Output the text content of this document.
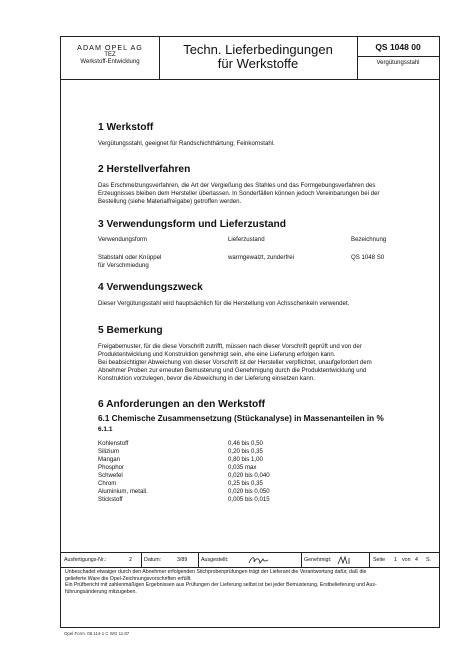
ADAM OPEL AG
TEZ
Werkstoff-Entwicklung
Techn. Lieferbedingungen
für Werkstoffe
QS 1048 00
Vergütungsstahl
1 Werkstoff

Vergütungsstahl, geeignet für Randschichthärtung; Feinkornstahl.

2 Herstellverfahren

Das Erschmelzungsverfahren, die Art der Vergießung des Stahles und das Formgebungsverfahren des

Erzeugnisses bleiben dem Hersteller überlassen. In Sonderfällen können jedoch Vereinbarungen bei der

Bestellung (siehe Materialfreigabe) getroffen werden.

3 Verwendungsform und Lieferzustand
Verwendungsform	Lieferzustand	Bezeichnung
Stabstahl oder Knüppel	warmgewalzt, zunderfrei	QS 1048 S0
für Verschmiedung
4 Verwendungszweck

Dieser Vergütungsstahl wird hauptsächlich für die Herstellung von Achsschenkeln verwendet.

5 Bemerkung

Freigabemuster, für die diese Vorschrift zutrifft, müssen nach dieser Vorschrift geprüft und von der

Produktentwicklung und Konstruktion genehmigt sein, ehe eine Lieferung erfolgen kann.

Bei beabsichtigter Abweichung von dieser Vorschrift ist der Hersteller verpflichtet, unaufgefordert dem

Abnehmer Proben zur erneuten Bemusterung und Genehmigung durch die Produktentwicklung und

Konstruktion vorzulegen, bevor die Abweichung in der Lieferung einsetzen kann.

6 Anforderungen an den Werkstoff
6.1 Chemische Zusammensetzung (Stückanalyse) in Massenanteilen in %
6.1.1
Kohlenstoff	0,46 bis 0,50
Silizium	0,20 bis 0,35
Mangan	0,80 bis 1,00
Phosphor	0,035 max
Schwefel	0,020 bis 0,040
Chrom	0,25 bis 0,35
Aluminium, metall.	0,020 bis 0,050
Stickstoff	0,005 bis 0,015
Ausfertigungs-Nr.:	2 Datum:	3/89	Ausgestellt:	Genehmigt:	Seite 1 von 4 S.
Unbeschadet etwaiger durch den Abnehmer erfolgenden Stichprobenprüfungen trägt der Lieferant die Verantwortung dafür, daß die
gelieferte Ware die Opel-Zeichnungsvorschriften erfüllt.
Ein Prüfbericht mit zahlenmäßigen Ergebnissen aus Prüfungen der Lieferung selbst ist bei jeder Bemusterung, Erstbelieferung und Aus-
führungsänderung mitzugeben.
Opel Form. 08.114-1 C WG 11 87
